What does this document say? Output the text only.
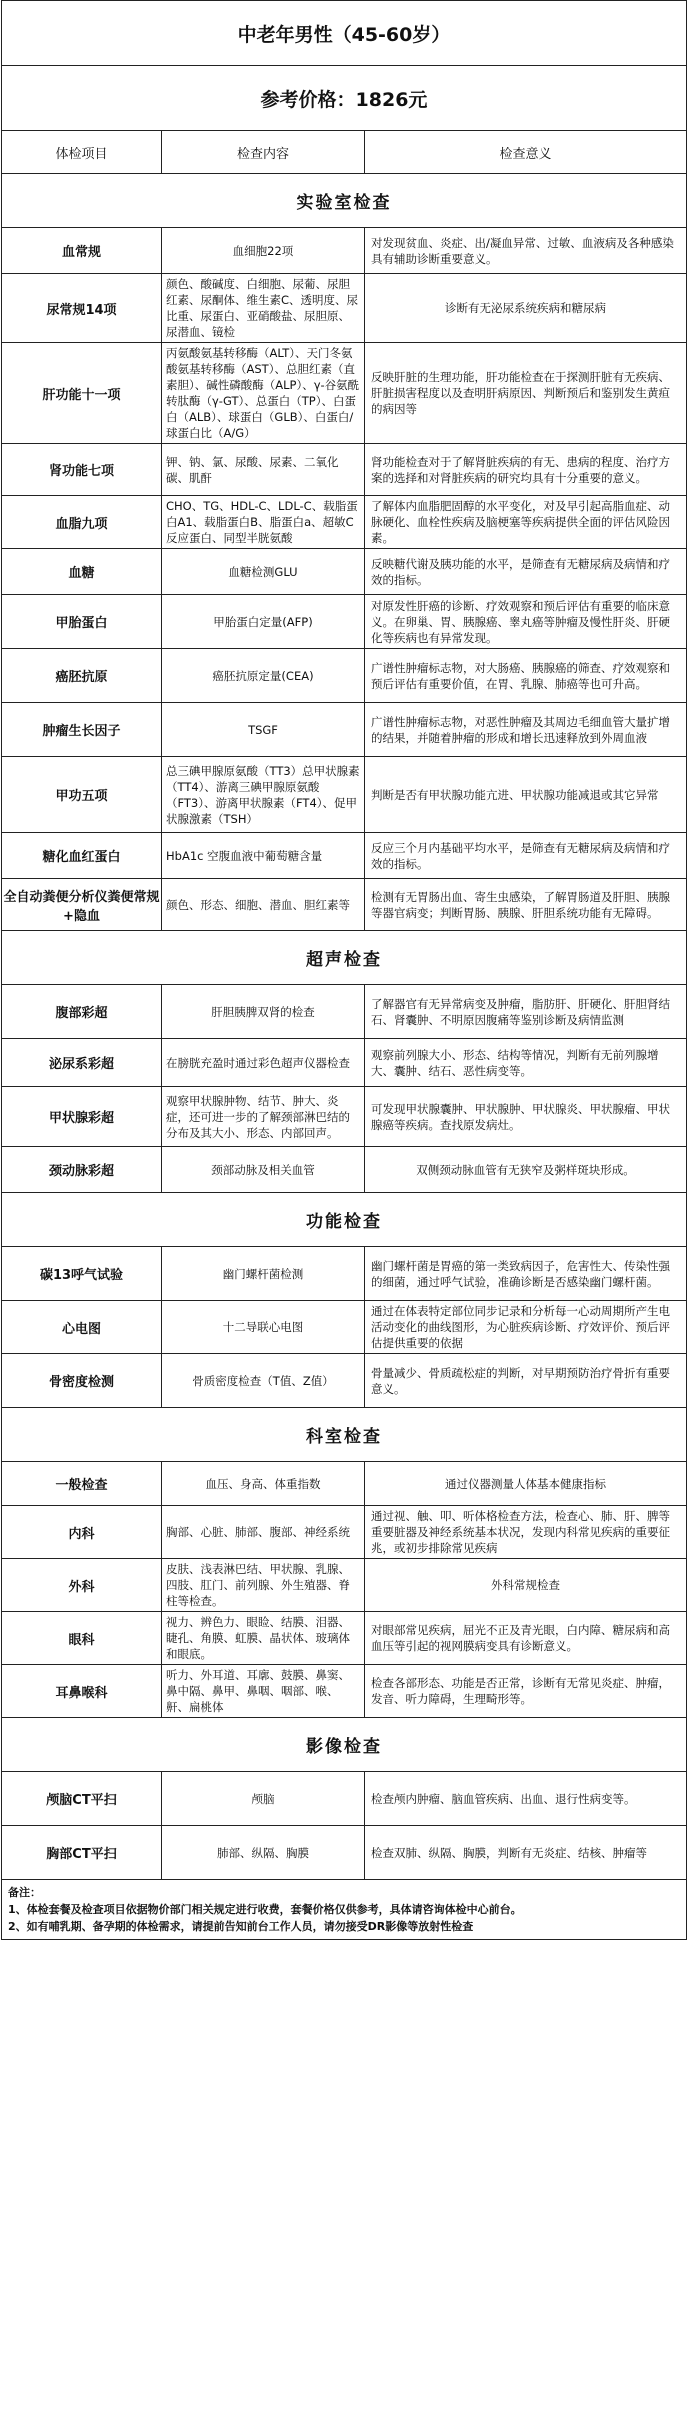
中老年男性（45-60岁）		
参考价格：1826元		
体检项目	检查内容	检查意义
实验室检查		
血常规	血细胞22项	对发现贫血、炎症、出/凝血异常、过敏、血液病及各种感染具有辅助诊断重要意义。
尿常规14项	颜色、酸碱度、白细胞、尿葡、尿胆红素、尿酮体、维生素C、透明度、尿比重、尿蛋白、亚硝酸盐、尿胆原、尿潜血、镜检	诊断有无泌尿系统疾病和糖尿病
肝功能十一项	丙氨酸氨基转移酶（ALT）、天门冬氨酸氨基转移酶（AST）、总胆红素（直素胆）、碱性磷酸酶（ALP）、γ-谷氨酰转肽酶（γ-GT）、总蛋白（TP）、白蛋白（ALB）、球蛋白（GLB）、白蛋白/球蛋白比（A/G）	反映肝脏的生理功能，肝功能检查在于探测肝脏有无疾病、肝脏损害程度以及查明肝病原因、判断预后和鉴别发生黄疸的病因等
肾功能七项	钾、钠、氯、尿酸、尿素、二氧化碳、肌酐	肾功能检查对于了解肾脏疾病的有无、患病的程度、治疗方案的选择和对肾脏疾病的研究均具有十分重要的意义。
血脂九项	CHO、TG、HDL-C、LDL-C、载脂蛋白A1、载脂蛋白B、脂蛋白a、超敏C反应蛋白、同型半胱氨酸	了解体内血脂肥固醇的水平变化，对及早引起高脂血症、动脉硬化、血栓性疾病及脑梗塞等疾病提供全面的评估风险因素。
血糖	血糖检测GLU	反映糖代谢及胰功能的水平，是筛查有无糖尿病及病情和疗效的指标。
甲胎蛋白	甲胎蛋白定量(AFP)	对原发性肝癌的诊断、疗效观察和预后评估有重要的临床意义。在卵巢、胃、胰腺癌、睾丸癌等肿瘤及慢性肝炎、肝硬化等疾病也有异常发现。
癌胚抗原	癌胚抗原定量(CEA)	广谱性肿瘤标志物，对大肠癌、胰腺癌的筛查、疗效观察和预后评估有重要价值，在胃、乳腺、肺癌等也可升高。
肿瘤生长因子	TSGF	广谱性肿瘤标志物，对恶性肿瘤及其周边毛细血管大量扩增的结果，并随着肿瘤的形成和增长迅速释放到外周血液
甲功五项	总三碘甲腺原氨酸（TT3）总甲状腺素（TT4）、游离三碘甲腺原氨酸（FT3）、游离甲状腺素（FT4）、促甲状腺激素（TSH）	判断是否有甲状腺功能亢进、甲状腺功能减退或其它异常
糖化血红蛋白	HbA1c 空腹血液中葡萄糖含量	反应三个月内基础平均水平，是筛查有无糖尿病及病情和疗效的指标。
全自动粪便分析仪粪便常规+隐血	颜色、形态、细胞、潜血、胆红素等	检测有无胃肠出血、寄生虫感染，了解胃肠道及肝胆、胰腺等器官病变；判断胃肠、胰腺、肝胆系统功能有无障碍。
超声检查		
腹部彩超	肝胆胰脾双肾的检查	了解器官有无异常病变及肿瘤，脂肪肝、肝硬化、肝胆肾结石、肾囊肿、不明原因腹痛等鉴别诊断及病情监测
泌尿系彩超	在膀胱充盈时通过彩色超声仪器检查	观察前列腺大小、形态、结构等情况，判断有无前列腺增大、囊肿、结石、恶性病变等。
甲状腺彩超	观察甲状腺肿物、结节、肿大、炎症，还可进一步的了解颈部淋巴结的分布及其大小、形态、内部回声。	可发现甲状腺囊肿、甲状腺肿、甲状腺炎、甲状腺瘤、甲状腺癌等疾病。查找原发病灶。
颈动脉彩超	颈部动脉及相关血管	双侧颈动脉血管有无狭窄及粥样斑块形成。
功能检查		
碳13呼气试验	幽门螺杆菌检测	幽门螺杆菌是胃癌的第一类致病因子，危害性大、传染性强的细菌，通过呼气试验，准确诊断是否感染幽门螺杆菌。
心电图	十二导联心电图	通过在体表特定部位同步记录和分析每一心动周期所产生电活动变化的曲线图形，为心脏疾病诊断、疗效评价、预后评估提供重要的依据
骨密度检测	骨质密度检查（T值、Z值）	骨量减少、骨质疏松症的判断，对早期预防治疗骨折有重要意义。
科室检查		
一般检查	血压、身高、体重指数	通过仪器测量人体基本健康指标
内科	胸部、心脏、肺部、腹部、神经系统	通过视、触、叩、听体格检查方法，检查心、肺、肝、脾等重要脏器及神经系统基本状况，发现内科常见疾病的重要征兆，或初步排除常见疾病
外科	皮肤、浅表淋巴结、甲状腺、乳腺、四肢、肛门、前列腺、外生殖器、脊柱等检查。	外科常规检查
眼科	视力、辨色力、眼睑、结膜、泪器、睫孔、角膜、虹膜、晶状体、玻璃体和眼底。	对眼部常见疾病，屈光不正及青光眼，白内障、糖尿病和高血压等引起的视网膜病变具有诊断意义。
耳鼻喉科	听力、外耳道、耳廓、鼓膜、鼻窦、鼻中隔、鼻甲、鼻咽、咽部、喉、鼾、扁桃体	检查各部形态、功能是否正常，诊断有无常见炎症、肿瘤，发音、听力障碍，生理畸形等。
影像检查		
颅脑CT平扫	颅脑	检查颅内肿瘤、脑血管疾病、出血、退行性病变等。
胸部CT平扫	肺部、纵隔、胸膜	检查双肺、纵隔、胸膜，判断有无炎症、结核、肿瘤等

备注：
1、体检套餐及检查项目依据物价部门相关规定进行收费，套餐价格仅供参考，具体请咨询体检中心前台。
2、如有哺乳期、备孕期的体检需求，请提前告知前台工作人员，请勿接受DR影像等放射性检查		
